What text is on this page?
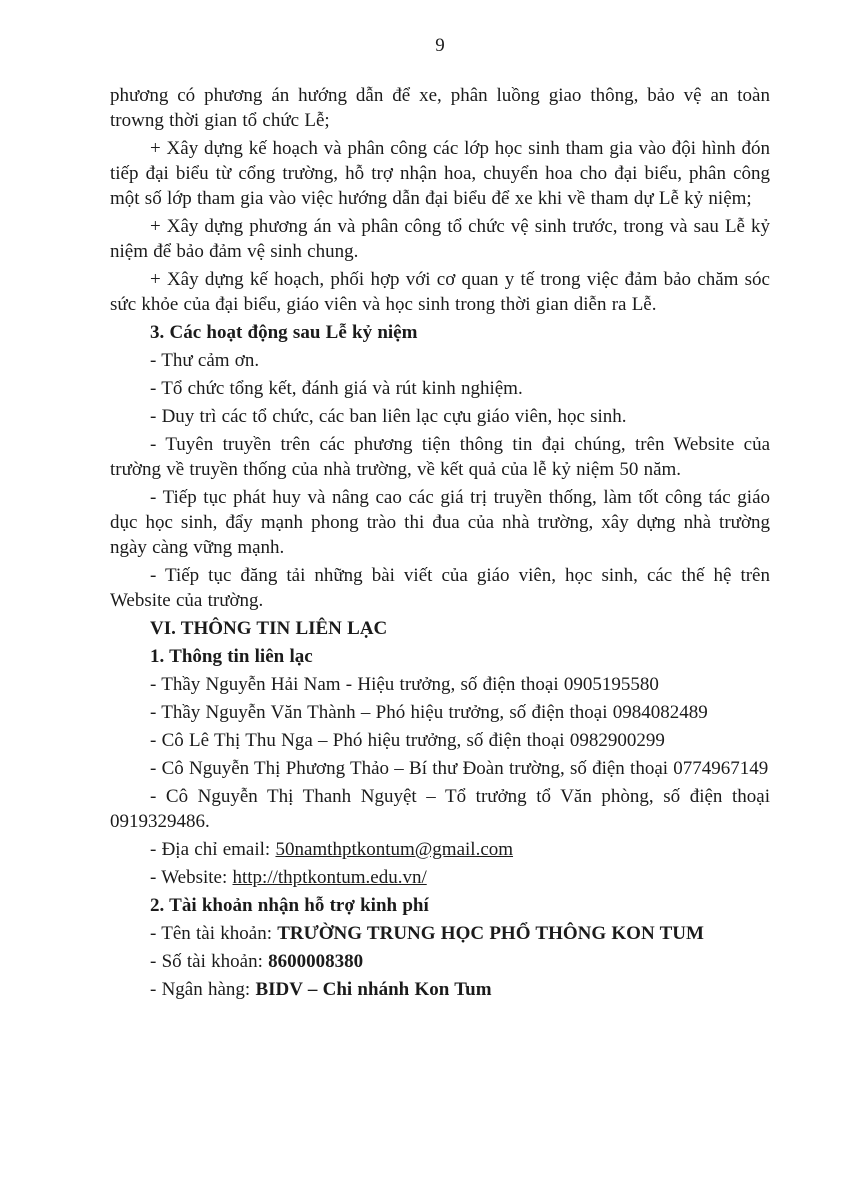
9

phương có phương án hướng dẫn để xe, phân luồng giao thông, bảo vệ an toàn trowng thời gian tổ chức Lễ;

+ Xây dựng kế hoạch và phân công các lớp học sinh tham gia vào đội hình đón tiếp đại biểu từ cổng trường, hỗ trợ nhận hoa, chuyển hoa cho đại biểu, phân công một số lớp tham gia vào việc hướng dẫn đại biểu để xe khi về tham dự Lễ kỷ niệm;

+ Xây dựng phương án và phân công tổ chức vệ sinh trước, trong và sau Lễ kỷ niệm để bảo đảm vệ sinh chung.

+ Xây dựng kế hoạch, phối hợp với cơ quan y tế trong việc đảm bảo chăm sóc sức khỏe của đại biểu, giáo viên và học sinh trong thời gian diễn ra Lễ.

3. Các hoạt động sau Lễ kỷ niệm

- Thư cảm ơn.

- Tổ chức tổng kết, đánh giá và rút kinh nghiệm.

- Duy trì các tổ chức, các ban liên lạc cựu giáo viên, học sinh.

- Tuyên truyền trên các phương tiện thông tin đại chúng, trên Website của trường về truyền thống của nhà trường, về kết quả của lễ kỷ niệm 50 năm.

- Tiếp tục phát huy và nâng cao các giá trị truyền thống, làm tốt công tác giáo dục học sinh, đẩy mạnh phong trào thi đua của nhà trường, xây dựng nhà trường ngày càng vững mạnh.

- Tiếp tục đăng tải những bài viết của giáo viên, học sinh, các thế hệ trên Website của trường.

VI. THÔNG TIN LIÊN LẠC

1. Thông tin liên lạc

- Thầy Nguyễn Hải Nam - Hiệu trưởng, số điện thoại 0905195580

- Thầy Nguyễn Văn Thành – Phó hiệu trưởng, số điện thoại 0984082489

- Cô Lê Thị Thu Nga – Phó hiệu trưởng, số điện thoại 0982900299

- Cô Nguyễn Thị Phương Thảo – Bí thư Đoàn trường, số điện thoại 0774967149

- Cô Nguyễn Thị Thanh Nguyệt – Tổ trưởng tổ Văn phòng, số điện thoại 0919329486.

- Địa chỉ email: 50namthptkontum@gmail.com

- Website: http://thptkontum.edu.vn/

2. Tài khoản nhận hỗ trợ kinh phí

- Tên tài khoản: TRƯỜNG TRUNG HỌC PHỔ THÔNG KON TUM

- Số tài khoản: 8600008380

- Ngân hàng: BIDV – Chi nhánh Kon Tum
